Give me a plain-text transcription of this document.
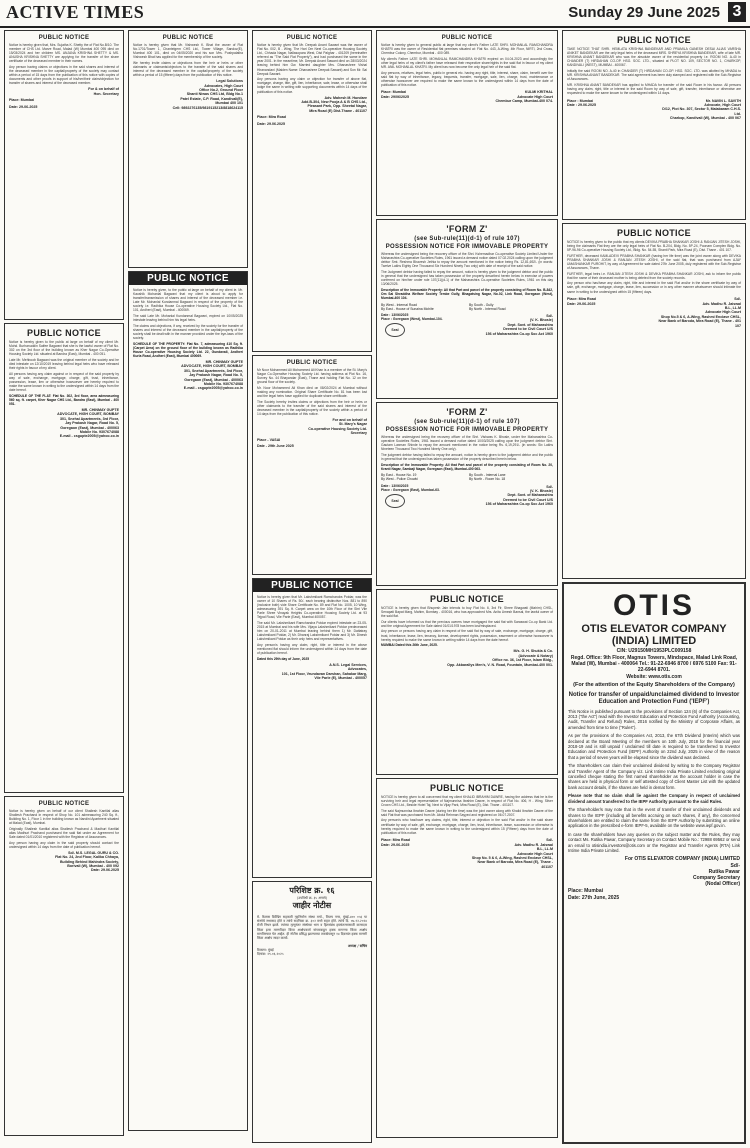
ACTIVE TIMES	Sunday 29 June 2025 3
PUBLIC NOTICE

Notice is hereby given that, Mrs. Sujatha K. Shetty the of Flat No.B/10. The member of CHS Ltd. Marve Road, Malad (W) Mumbai 400 095 died on 15/03/2024 and her children MS. ANJANA KRISHNA SHETTY & MS. ANUSHA KRISHNA SHETTY are applying for the transfer of the share certificate of the deceased member in their names.

Any person having claims or objections in the said shares and interest of the deceased member in the capital/property of the society may contact within a period of 15 days from the publication of this notice with copies of documents and other proofs in support of his/her/their claim/objection for transfer of shares and interest of the deceased member.

For & on behalf of
Hon. Secretary
Place: Mumbai
Date: 29-06-2025
PUBLIC NOTICE

Notice is hereby given to the public at large on behalf of my client Mr. Mohd. Burhanuddin Saifee Bagwani that she is the lawful owner of Flat No. 302 on the 3rd floor of the building known as Kher Nagar Co-Operative Housing Society Ltd. situated at Bandra (East), Mumbai - 400 051.

Late Mr. Mehboob Bagwani was the original member of the society and he died intestate on 12/10/2019 leaving behind legal heirs who have released their rights in favour of my client.

All persons having any claim against or in respect of the said property by way of sale, exchange, mortgage, charge, gift, trust, inheritance, possession, lease, lien or otherwise howsoever are hereby required to make the same known in writing to the undersigned within 14 days from the date hereof.

SCHEDULE OF THE FLAT: Flat No. 302, 3rd floor, area admeasuring 560 sq. ft. carpet, Kher Nagar CHS Ltd., Bandra (East), Mumbai - 400 051.

MR. CHINMAY GUPTE
ADVOCATE, HIGH COURT, BOMBAY
301, Snehal Apartments, 3rd Floor,
Jay Prakash Nagar, Road No. 5,
Goregaon (East), Mumbai - 400063
Mobile No. 9307674088
E-mail - csgupte2005@yahoo.co.in
PUBLIC NOTICE

Notice is hereby given on behalf of our client Shailesh Kantilal alias Shailesh Prachand in respect of Shop No. 101 admeasuring 240 Sq. ft., Building No. 1, Floor 1 in the building known as Nandini Apartment situated at Malad (East), Mumbai.

Originally Shailesh Kantilal alias Shailesh Prachand & Madhuri Kantilal alias Madhuri Prachand purchased the said flat under an Agreement for Sale dated 01/01/2010 registered with the Registrar of Assurances.

Any person having any claim in the said property should contact the undersigned within 14 days from the date of publication hereof.

Sd/- M.S. LEGAL GURU & CO.
Flat No. 24, 2nd Floor, Kalika Chhaya,
Building Behind Mahindra Society,
Borivali (W), Mumbai - 400 092
Date: 29.06.2025
PUBLIC NOTICE

Notice is hereby given that Mr. Vishwesh K. Bhat the owner of Flat No.1701/Tower 1, Chantelgem CHS Ltd., Tower Village, Sandoz(E), Mumbai 400 101, died on 04/05/2020 and his son Mrs. Pushpalatha Vishwesh Bhat has applied for the membership of the society.

We hereby invite claims or objections from the heir or heirs or other claimants or claimants/objectors to the transfer of the said shares and interest of the deceased member in the capital/property of the society within a period of 15 (fifteen) days from the publication of this notice.

Legal Solutions
Advocates, High Court
Office No.2, Ground Floor
Shanti Niwas CHS Ltd, Bldg No.1
Patel Estate, C.P. Road, Kandivali(E),
Mumbai 400 101
Cell: 9892276135/9819115213/8818624115
PUBLIC NOTICE

Notice is hereby given, to the public at large on behalf of my client ie. Mr. Kaushik Mohanlal Bagwani that my client is about to apply for transfer/transmission of shares and interest of the deceased member i.e. Late Mr. Mohanlal Kundanmal Bagwani in respect of the property of the society i.e. Radhika House Co-operative Housing Society Ltd., Flat No. 101, Andheri (East), Mumbai - 400069.

The said Late Mr. Mohanlal Kundanmal Bagwani, expired on 10/05/2025 intestate leaving behind him his legal heirs.

The claims and objections, if any, received by the society for the transfer of shares and interest of the deceased member in the capital/property of the society shall be dealt with in the manner provided under the bye-laws of the society.

SCHEDULE OF THE PROPERTY: Flat No. 7, admeasuring 410 Sq. ft. (Carpet Area) on the ground floor of the building known as Radhika House Co-operative Housing Society Ltd. 22, Gundavali, Andheri Kurla Road, Andheri (East), Mumbai 400069.

MR. CHINMAY GUPTE
ADVOCATE, HIGH COURT, BOMBAY
301, Snehal Apartments, 3rd Floor,
Jay Prakash Nagar, Road No. 5,
Goregaon (East), Mumbai - 400063
Mobile No. 9307674088
E-mail - csgupte2005@yahoo.co.in
PUBLIC NOTICE

Notice is hereby given that Mr. Deepak Anant Sawant was the owner of Flat No. 002, B - Wing, The Hari Om Neel Co-operative Housing Society Ltd., Chhada Nagar, Nallasopara West, Dist Palghar - 401209 (hereinafter referred as "The Said Flat Property"), and had purchased the same in the year 2001. In the meantime, Mr. Deepak Anant Sawant died on 28/03/2024 leaving behind him Ow. Married daughter Mrs. Dhanashree Vishal Hiranandani (Maiden Name: Dhanashree Deepak Sawant) and Son Mr. Sai Deepak Sawant.

Any persons having any claim or objection for transfer of above flat, mortgage, charge, title, gift, lien, inheritance, sale, lease, or otherwise shall lodge the same in writing with supporting documents within 14 days of the publication of this notice.

Adv. Mahesh M. Hundare
Add.B-304, New Pooja A & B CHS Ltd.,
Pleasant Park, Opp. Sheetal Nagar,
Mira Road (E) Dist-Thane - 401107
Place: Mira Road
Date: 29.06.2025
PUBLIC NOTICE

Mr Noor Mohammed Ali Mohammed Ali Khan is a member of the St. Mary's Nagar Co-Operative Housing Society Ltd. having address at Plot No. 16, Survey No. 44 Bhayandar (East), Thane and holding Flat No. 12 on the ground floor of the society.

Mr. Noor Mohammed Ali Khan died on 08/02/2024 at Mumbai without making any nomination. Original Share Certificate No. 81 has been lost and the legal heirs have applied for duplicate share certificate.

The Society hereby invites claims or objections from the heir or heirs or other claimants to the transfer of the said shares and interest of the deceased member in the capital/property of the society within a period of 14 days from the publication of this notice.

For and on behalf of
St. Mary's Nagar
Co-operative Housing Society Ltd.
Secretary
Place - VASAI
Date - 29th June 2025
PUBLIC NOTICE

Notice is hereby given that Mr. Lakshmikant Ramchandra Potdar, was the owner of 10 Shares of Rs. 50/- each bearing distinctive Nos. 881 to 890 (inclusive both) vide Share Certificate No. 89 and Flat No. 1005, 10 Wing, admeasuring 391 Sq. ft. Carpet area on the 10th Floor of the Shri Vile Parle Shree Vinayak Heights Co-operative Housing Society Ltd. at 93 Tejpal Road, Vile Parle (East), Mumbai 400057.

The said Mr. Lakshmikant Ramchandra Potdar expired intestate on 23-05-2015 at Mumbai and his wife Mrs. Vijaya Lakshmikant Potdar predeceased him on 20-01-2011 at Mumbai leaving behind them 1) Mr. Dattatray Lakshmikant Potdar, 2) Mr. Dhanraj Lakshmikant Potdar and 3) Mr. Dinesh Lakshmikant Potdar as their only heirs and representatives.

Any person/s having any claim, right, title or interest in the above mentioned flat should inform the undersigned within 14 days from the date of publication hereof.

Dated this 29th day of June, 2025

A.N.S. Legal Services,
Advocates,
101, 1st Floor, Vrundavan Darshan, Sahakar Marg,
Vile Parle (E), Mumbai - 400057
परिशिष्ट क्र. १६
(उपविधी क्र. ३५ अन्वये)
जाहीर नोटीस

मे. कैलास बिल्डिंग सहकारी गृहनिर्माण संस्था मर्या., विजय नगर, मुंबई-४०० ०५६ या संस्थेचे सभासद होते व त्यांचे सदनिका क्र. ३०२ मध्ये राहत होते. त्यांचे दि. ०७.१२.२०२४ रोजी निधन झाले. त्यांच्या मृत्युनंतर संस्थेच्या भाग व हितसंबंध हस्तांतरणासाठी वारसदार किंवा इतर मागणीदार किंवा आक्षेपकर्ता यांच्याकडून हक्क मागण्या किंवा आक्षेप मागविण्यात येत आहेत. ही नोटीस प्रसिद्ध झाल्याच्या तारखेपासून १४ दिवसांत हक्क मागणी किंवा आक्षेप सादर करावे.

अध्यक्ष / सचिव
ठिकाण: मुंबई
दिनांक: २९.०६.२०२५
PUBLIC NOTICE

Notice is hereby given to general public at large that my client's Father LATE SHRI. MOHANLAL RAMCHANDRA KHATRI was the owner of Residential flat premises situated at: Flat No. 443, A-Wing, 4th Floor, NIRTI, 2nd Cross, Chembur Colony, Chembur, Mumbai - 400 089.

My client's Father LATE SHRI. MOHANLAL RAMCHANDRA KHATRI expired on 04.04.2023 and accordingly the other legal heirs of my client's father have released their respective share/rights in the said flat in favour of my client MR. ANIL MOHANLAL KHATRI. My client has now become the only legal heir of the said flat.

Any persons, relatives, legal heirs, public in general etc. having any right, title, interest, share, claim, benefit over the said flat by way of inheritance, legacy, bequests, transfer, mortgage, sale, lien, charge, trust, maintenance or otherwise howsoever are required to make the same known to the undersigned within 14 days from the date of publication of this notice.

Place: Mumbai
Date: 29/06/2025
KULMI KRITHAL
Advocate High Court
Chembur Camp, Mumbai-400 074.
'FORM Z'
(see Sub-rule(11)(d-1) of rule 107)
POSSESSION NOTICE FOR IMMOVABLE PROPERTY

Whereas the undersigned being the recovery officer of the Shri. Kshemadhar Co-operative Society Limited Under the Maharashtra Co-operative Societies Rules, 1961 issued a demand notice dated 07.02.2024 calling upon the judgment debtor Smt. Reshma Bhavesh Jethia to repay the amount mentioned in the notice being Rs. 12,81,692/- (in words: Twelve Lakhs Eighty One Thousand Six Hundred Ninety Two only) with date of receipt of the said notice.

The Judgment debtor having failed to repay the amount, notice is hereby given to the judgment debtor and the public in general that the undersigned has taken possession of the property described herein below in exercise of powers conferred on him/her under rule 107(11)(d-1) of the Maharashtra Co-operative Societies Rules, 1961 on this day 13/06/2025.

Description of the Immovable Property: All that Part and parcel of the property consisting of Room No. B-842, Om Sai Shraddha Welfare Society Tembe Gully, Bhagatsing Nagar, No.02, Link Road, Goregaon (West), Mumbai-400 104.

By West - Internal Road
By East - House of Sunaina Mohite
By South - Gully
By North - Internal Road
Date : 13/06/2025
Place : Goregaon (West), Mumbai-104.
Seal
Sd/-
(V. K. Bhosle)
Dept. Sovt. of Maharashtra
Deemed to be Civil Court U/S
156 of Maharashtra Co-op Soc Act 1960
'FORM Z'
(see Sub-rule(11)(d-1) of rule 107)
POSSESSION NOTICE FOR IMMOVABLE PROPERTY

Whereas the undersigned being the recovery officer of the Shri. Vishwas K. Bhosle, under the Maharashtra Co-operative Societies Rules, 1961 issued a demand notice dated 10/03/2025 calling upon the judgment debtor Shri. Gautam Laxman Shinde to repay the amount mentioned in the notice being Rs. 6,19,291/- (in words: Six Lakhs Nineteen Thousand Two Hundred Ninety One only).

The judgment debtor having failed to repay the amount, notice is hereby given to the judgment debtor and the public in general that the undersigned has taken possession of the property described herein below.

Description of the Immovable Property: All that Part and parcel of the property consisting of Room No. 20, Kranti Nagar, Sambaji Nagar, Goregaon (East), Mumbai-400 063.

By East - House No. 19
By West - Police Chowki
By South - Internal Lane
By North - Room No. 18
Date : 13/06/2025
Place : Goregaon (East), Mumbai-63.
Seal
Sd/-
(V. K. Bhosle)
Dept. Sovt. of Maharashtra
Deemed to be Civil Court U/S
156 of Maharashtra Co-op Soc Act 1960
PUBLIC NOTICE

NOTICE is hereby given that Bhupesh Jain intends to buy Flat No. 6, 3rd Flr, Shree Bhagwati (Mahim) CHSL, Senapati Bapat Marg, Mahim, Bombay - 400016, who has approached Mrs. Anita Umesh Bansal, the lawful owner of the said flat.

Our clients have informed us that the previous owners have mortgaged the said flat with Saraswat Co-op Bank Ltd. and the original Agreement for Sale dated 01/01/1978 has been lost/misplaced.

Any person or persons having any claim in respect of the said flat by way of sale, exchange, mortgage, charge, gift, trust, inheritance, lease, lien, tenancy, license, development rights, possession, easement or otherwise howsoever is hereby required to make the same known in writing within 14 days from the date hereof.

MUMBAI Dated this 26th June, 2025.

M/s. G. H. Shukla & Co.
(Advocate & Notary)
Office no. 36, 1st Floor, Islam Bldg.,
Opp. Akbarallys Men's, V. N. Road, Fountain, Mumbai-400 001.
PUBLIC NOTICE

NOTICE is hereby given to all concerned that my client KHALID IBRAHIM DAWRE, having the address that he is the surviving heir and legal representative of Najmunnisa Ibrahim Dawre, in respect of Flat No. 406, H - Wing, Silver Crown CHS Ltd., Beside Hotel Taj, Next to Vijay Park, Mira Road (E), Dist. Thane - 401107.

The said Najmunnisa Ibrahim Dawre (during her life time) was the joint owner along with Khalid Ibrahim Dawre of the said Flat that was purchased from Mr. Abdul Rehman Sayyed and registered on 06.07.2007.

Any person/s who has/have any claims, right, title, interest or objection in the said Flat and/or in the said share certificate by way of sale, gift, exchange, mortgage, charge, lien, trust, inheritance, lease, succession or otherwise is hereby required to make the same known in writing to the undersigned within 15 (Fifteen) days from the date of publication of this notice.

Place: Mira Road
Date: 29-06-2025
Sd/-
Adv. Madhu R. Jaiswal
B.L, LL.M
Advocate High Court
Shop No. 5 & 6, A-Wing, Rashmi Enclave CHSL,
Near Bank of Baroda, Mira Road (E), Thane - 401107
PUBLIC NOTICE

TAKE NOTICE THAT SHRI. HEMLATA KRISHNA BANDEKAR AND PRAMILA GANESH DESAI ALIAS VARSHA ANIKET BANDEKAR are the only legal heirs of the deceased MRS. SHREYA KRISHNA BANDEKAR, wife of late MR. KRISHNA ANANT BANDEKAR who was the absolute owner of the residential property i.e. ROOM NO. A-40 in CHANDER (T) HIRDAHAN CO-OP. HSG. SOC. LTD., situated at PLOT NO. 109, SECTOR NO. 1, CHARKOP, KANDIVALI (WEST), MUMBAI - 400067.

Initially the said ROOM NO. A-40 in CHANDER (T) HIRDAHAN CO-OP. HSG. SOC. LTD. was allotted by MHADA to MR. KRISHNA ANANT BANDEKAR. The said agreement has been duly stamped and registered with the Sub-Registrar of Assurances.

MR. KRISHNA ANANT BANDEKAR has applied to MHADA for transfer of the said Room in his favour. All persons having any claim, right, title or interest in the said Room by way of sale, gift, transfer, inheritance or otherwise are requested to make the same known to the undersigned within 14 days.

Place : Mumbai
Date : 29.06.2025
Mr. NAVIN L. SAVITH
Advocate, High Court
D/12, Plot No. 307, Sector 5, Malabaram C.H.S. Ltd.
Charkop, Kandivali (W), Mumbai - 400 067
PUBLIC NOTICE

NOTICE is hereby given to the public that my clients DEVIKA PRABHA SHANKAR JOSHI & RANJAN JITESH JOSHI, being the claimants Flat they are the only legal heirs of Flat No. B-204, Bldg. No. 5P-24, Poonam Complex Bldg. No. 5P-96-96 Co-operative Housing Society Ltd., Bldg. No. 54-55, Shanti Park, Mira Road (E), Dist. Thane - 401 107.

FURTHER, deceased KAMLADEVI PRABHA SHANKAR (having her life time) was the joint owner along with DEVIKA PRABHA SHANKAR JOSHI & RANJAN JITESH JOSHI, of the said flat, that was purchased from AJAY UMASHANKAR PUROHIT, by way of Agreement for sale dated 27th June 2005, duly registered with the Sub-Registrar of Assurances, Thane.

FURTHER, legal heirs i.e. RANJAN JITESH JOSHI & DEVIKA PRABHA SHANKAR JOSHI, ask to inform the public that the name of their deceased mother is being deleted from the society records.

Any person who has/have any claim, right, title and interest in the said Flat and/or in the share certificate by way of sale, gift, exchange, mortgage, charge, lease, lien, succession or in any other manner whatsoever should intimate the same in writing to the undersigned within 15 (fifteen) days.

Place: Mira Road
Date: 29-06-2025
Sd/-
Adv. Madhu R. Jaiswal
B.L, LL.M
Advocate High Court
Shop No.5 & 6, A-Wing, Rashmi Enclave CHSL,
Near Bank of Baroda, Mira Road (E), Thane - 401 107
OTIS
OTIS ELEVATOR COMPANY (INDIA) LIMITED
CIN: U29150MH1953PLC009158
Regd. Office: 9th Floor, Magnus Towers, Mindspace, Malad Link Road, Malad (W), Mumbai - 400064 Tel.: 91-22-6946 8700 / 6976 5100 Fax: 91-22-6944 8701.
Website: www.otis.com
(For the attention of the Equity Shareholders of the Company)
Notice for transfer of unpaid/unclaimed dividend to Investor Education and Protection Fund ('IEPF')

This Notice is published pursuant to the provisions of Section 124 (6) of the Companies Act, 2013 ("the Act") read with the Investor Education and Protection Fund Authority (Accounting, Audit, Transfer and Refund) Rules, 2016 notified by the Ministry of Corporate Affairs, as amended from time to time ("Rules").

As per the provisions of the Companies Act, 2013, the 67th Dividend (Interim) which was declared at the Board Meeting of the members on 10th July, 2018 for the financial year 2018-19 and is still unpaid / unclaimed till date is required to be transferred to Investor Education and Protection Fund (IEPF) Authority on 22nd July, 2025 in view of the reason that a period of seven years will be elapsed since the dividend was declared.

The Shareholders can claim their unclaimed dividend by writing to the Company Registrar and Transfer Agent of the Company viz. Link Intime India Private Limited enclosing original cancelled cheque stating the first named shareholder as the account holder in case the shares are held in physical form or self attested copy of Client Master List with the updated bank account details, if the shares are held in demat form.

Please note that no claim shall lie against the Company in respect of unclaimed dividend amount transferred to the IEPF Authority pursuant to the said Rules.

The Shareholder/s may note that in the event of transfer of their unclaimed dividends and shares to the IEPF (including all benefits accruing on such shares, if any), the concerned shareholders are entitled to claim the same from the IEPF Authority by submitting an online application in the prescribed e-form IEPF-5, available on the website www.iepf.gov.in.

In case the shareholders have any queries on the subject matter and the Rules, they may contact Ms. Rutika Pawar, Company Secretary on Contact Mobile No.: 72988 69562 or send an email to otisindia.investors@otis.com or the Registrar and Transfer Agents (RTA) Link Intime India Private Limited.

For OTIS ELEVATOR COMPANY (INDIA) LIMITED
Sd/-
Rutika Pawar
Company Secretary
(Nodal Officer)
Place: Mumbai
Date: 27th June, 2025
